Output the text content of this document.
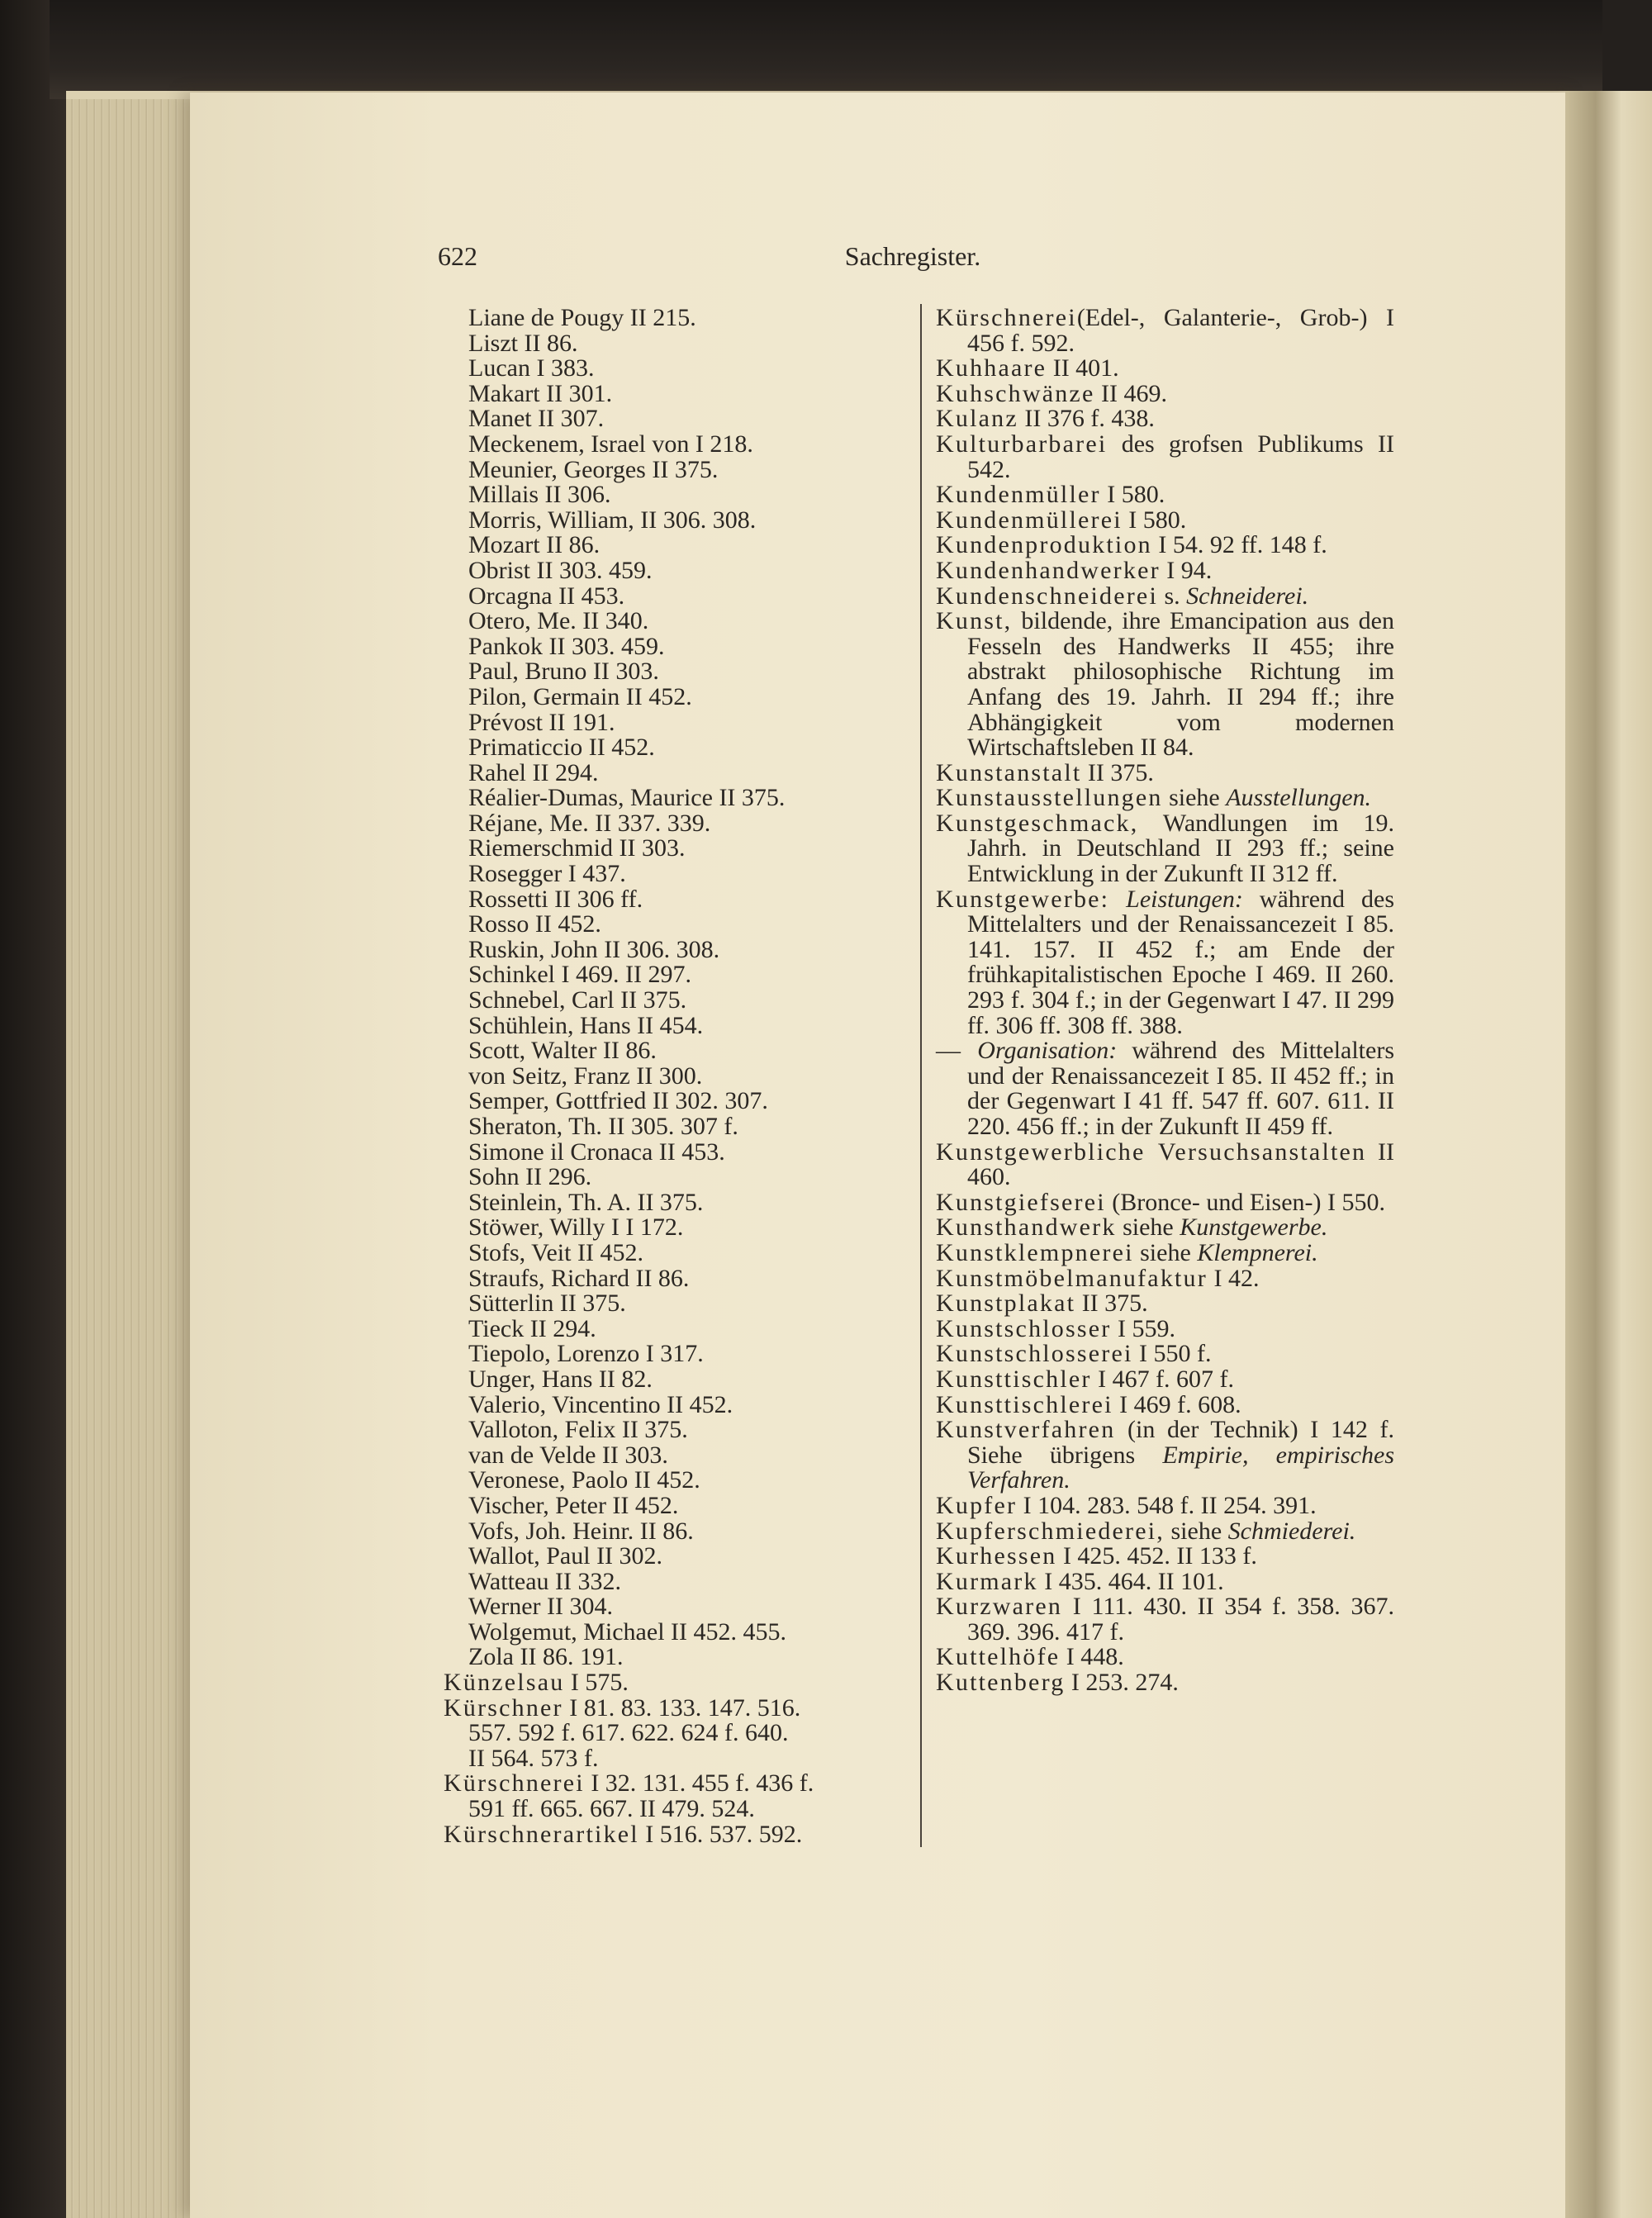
622	Sachregister.
Liane de Pougy II 215.
Liszt II 86.
Lucan I 383.
Makart II 301.
Manet II 307.
Meckenem, Israel von I 218.
Meunier, Georges II 375.
Millais II 306.
Morris, William, II 306. 308.
Mozart II 86.
Obrist II 303. 459.
Orcagna II 453.
Otero, Me. II 340.
Pankok II 303. 459.
Paul, Bruno II 303.
Pilon, Germain II 452.
Prévost II 191.
Primaticcio II 452.
Rahel II 294.
Réalier-Dumas, Maurice II 375.
Réjane, Me. II 337. 339.
Riemerschmid II 303.
Rosegger I 437.
Rossetti II 306 ff.
Rosso II 452.
Ruskin, John II 306. 308.
Schinkel I 469. II 297.
Schnebel, Carl II 375.
Schühlein, Hans II 454.
Scott, Walter II 86.
von Seitz, Franz II 300.
Semper, Gottfried II 302. 307.
Sheraton, Th. II 305. 307 f.
Simone il Cronaca II 453.
Sohn II 296.
Steinlein, Th. A. II 375.
Stöwer, Willy I I 172.
Stofs, Veit II 452.
Straufs, Richard II 86.
Sütterlin II 375.
Tieck II 294.
Tiepolo, Lorenzo I 317.
Unger, Hans II 82.
Valerio, Vincentino II 452.
Valloton, Felix II 375.
van de Velde II 303.
Veronese, Paolo II 452.
Vischer, Peter II 452.
Vofs, Joh. Heinr. II 86.
Wallot, Paul II 302.
Watteau II 332.
Werner II 304.
Wolgemut, Michael II 452. 455.
Zola II 86. 191.
Künzelsau I 575.
Kürschner I 81. 83. 133. 147. 516.
557. 592 f. 617. 622. 624 f. 640.
II 564. 573 f.
Kürschnerei I 32. 131. 455 f. 436 f.
591 ff. 665. 667. II 479. 524.
Kürschnerartikel I 516. 537. 592.
Kürschnerei(Edel-, Galanterie-, Grob-) I 456 f. 592.
Kuhhaare II 401.
Kuhschwänze II 469.
Kulanz II 376 f. 438.
Kulturbarbarei des grofsen Publikums II 542.
Kundenmüller I 580.
Kundenmüllerei I 580.
Kundenproduktion I 54. 92 ff. 148 f.
Kundenhandwerker I 94.
Kundenschneiderei s. Schneiderei.
Kunst, bildende, ihre Emancipation aus den Fesseln des Handwerks II 455; ihre abstrakt philosophische Richtung im Anfang des 19. Jahrh. II 294 ff.; ihre Abhängigkeit vom modernen Wirtschaftsleben II 84.
Kunstanstalt II 375.
Kunstausstellungen siehe Ausstellungen.
Kunstgeschmack, Wandlungen im 19. Jahrh. in Deutschland II 293 ff.; seine Entwicklung in der Zukunft II 312 ff.
Kunstgewerbe: Leistungen: während des Mittelalters und der Renaissancezeit I 85. 141. 157. II 452 f.; am Ende der frühkapitalistischen Epoche I 469. II 260. 293 f. 304 f.; in der Gegenwart I 47. II 299 ff. 306 ff. 308 ff. 388.
— Organisation: während des Mittelalters und der Renaissancezeit I 85. II 452 ff.; in der Gegenwart I 41 ff. 547 ff. 607. 611. II 220. 456 ff.; in der Zukunft II 459 ff.
Kunstgewerbliche Versuchsanstalten II 460.
Kunstgiefserei (Bronce- und Eisen-) I 550.
Kunsthandwerk siehe Kunstgewerbe.
Kunstklempnerei siehe Klempnerei.
Kunstmöbelmanufaktur I 42.
Kunstplakat II 375.
Kunstschlosser I 559.
Kunstschlosserei I 550 f.
Kunsttischler I 467 f. 607 f.
Kunsttischlerei I 469 f. 608.
Kunstverfahren (in der Technik) I 142 f. Siehe übrigens Empirie, empirisches Verfahren.
Kupfer I 104. 283. 548 f. II 254. 391.
Kupferschmiederei, siehe Schmiederei.
Kurhessen I 425. 452. II 133 f.
Kurmark I 435. 464. II 101.
Kurzwaren I 111. 430. II 354 f. 358. 367. 369. 396. 417 f.
Kuttelhöfe I 448.
Kuttenberg I 253. 274.
